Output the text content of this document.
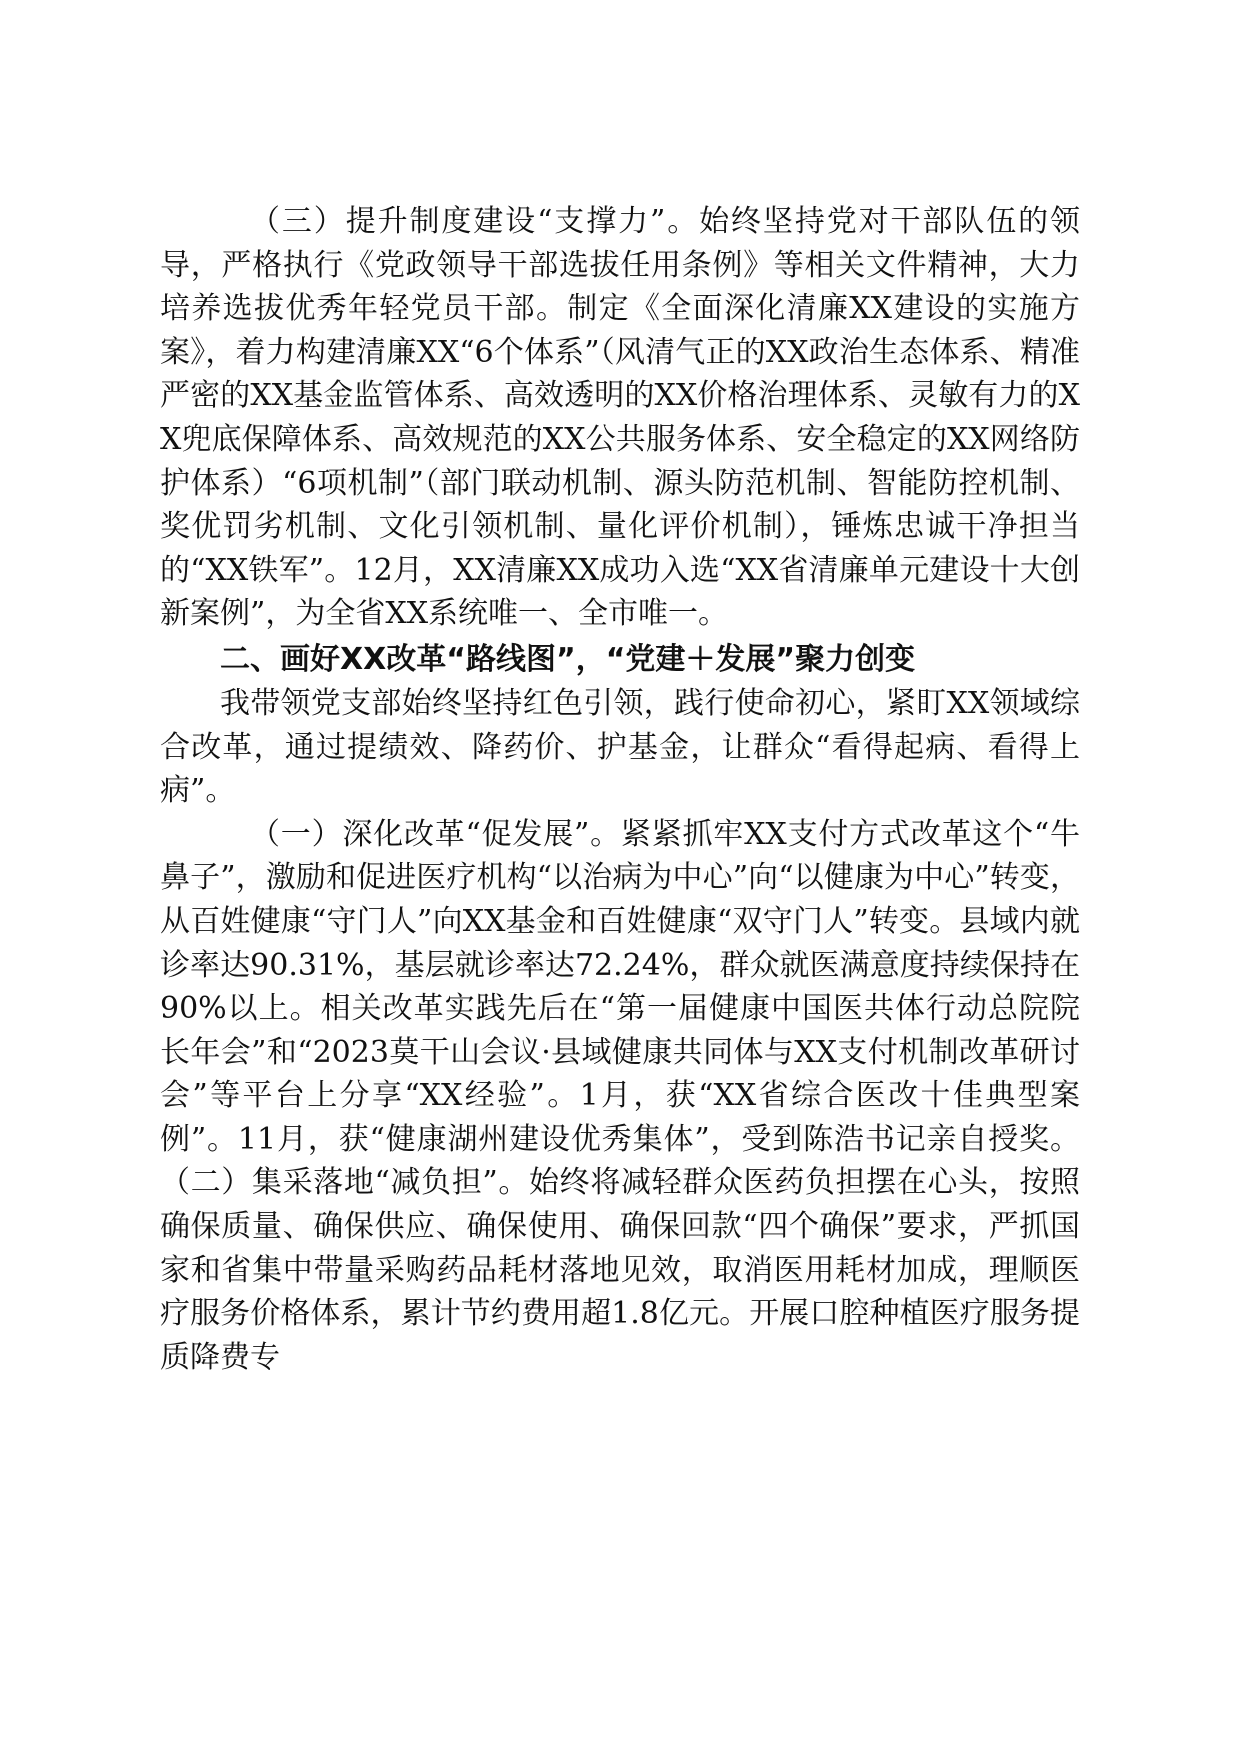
（三）提升制度建设“支撑力”。始终坚持党对干部队伍的领导，严格执行《党政领导干部选拔任用条例》等相关文件精神，大力培养选拔优秀年轻党员干部。制定《全面深化清廉XX建设的实施方案》，着力构建清廉XX“6个体系”（风清气正的XX政治生态体系、精准严密的XX基金监管体系、高效透明的XX价格治理体系、灵敏有力的XX兜底保障体系、高效规范的XX公共服务体系、安全稳定的XX网络防护体系）“6项机制”（部门联动机制、源头防范机制、智能防控机制、奖优罚劣机制、文化引领机制、量化评价机制），锤炼忠诚干净担当的“XX铁军”。12月，XX清廉XX成功入选“XX省清廉单元建设十大创新案例”，为全省XX系统唯一、全市唯一。

二、画好XX改革“路线图”，“党建＋发展”聚力创变

我带领党支部始终坚持红色引领，践行使命初心，紧盯XX领域综合改革，通过提绩效、降药价、护基金，让群众“看得起病、看得上病”。

（一）深化改革“促发展”。紧紧抓牢XX支付方式改革这个“牛鼻子”，激励和促进医疗机构“以治病为中心”向“以健康为中心”转变，从百姓健康“守门人”向XX基金和百姓健康“双守门人”转变。县域内就诊率达90.31%，基层就诊率达72.24%，群众就医满意度持续保持在90%以上。相关改革实践先后在“第一届健康中国医共体行动总院院长年会”和“2023莫干山会议·县域健康共同体与XX支付机制改革研讨会”等平台上分享“XX经验”。1月，获“XX省综合医改十佳典型案例”。11月，获“健康湖州建设优秀集体”，受到陈浩书记亲自授奖。（二）集采落地“减负担”。始终将减轻群众医药负担摆在心头，按照确保质量、确保供应、确保使用、确保回款“四个确保”要求，严抓国家和省集中带量采购药品耗材落地见效，取消医用耗材加成，理顺医疗服务价格体系，累计节约费用超1.8亿元。开展口腔种植医疗服务提质降费专
